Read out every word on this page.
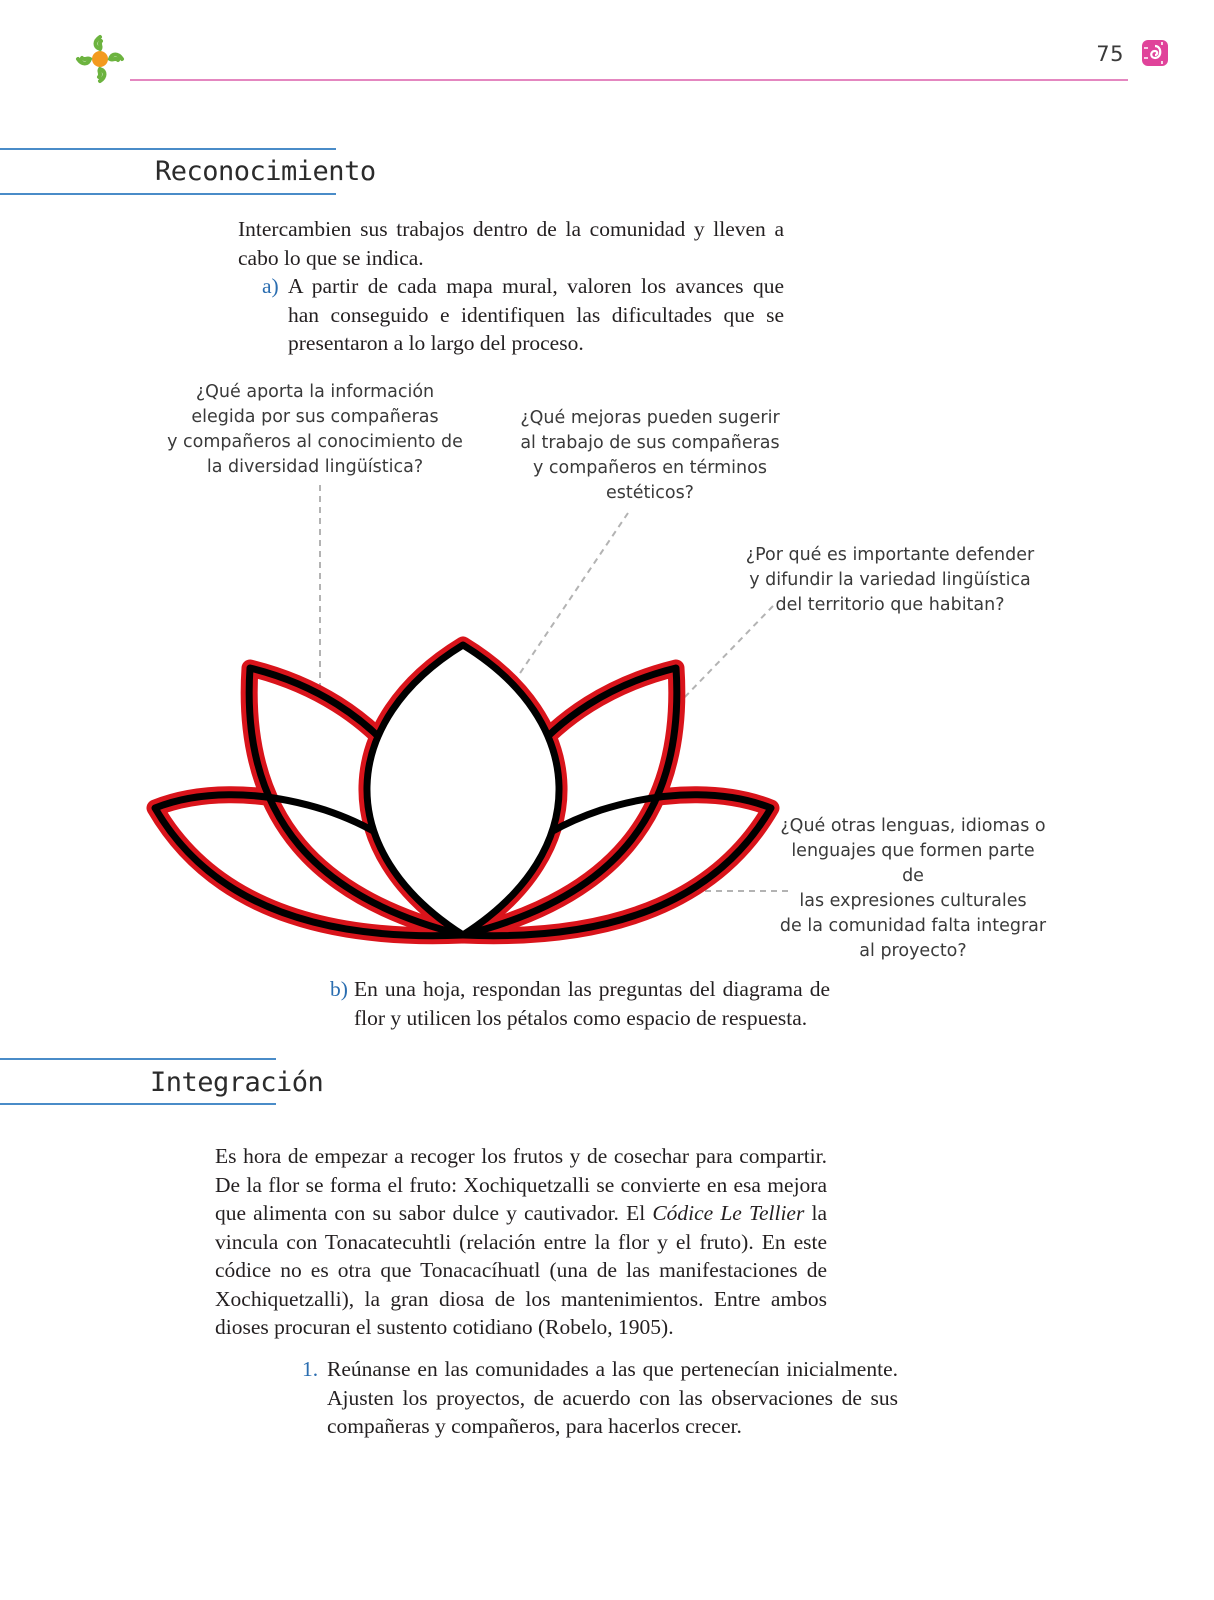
75
Reconocimiento

Intercambien sus trabajos dentro de la comunidad y lleven a cabo lo que se indica.

a) A partir de cada mapa mural, valoren los avances que han conseguido e identifiquen las dificultades que se presentaron a lo largo del proceso.

¿Qué aporta la información
elegida por sus compañeras
y compañeros al conocimiento de
la diversidad lingüística?
¿Qué mejoras pueden sugerir
al trabajo de sus compañeras
y compañeros en términos
estéticos?
¿Por qué es importante defender
y difundir la variedad lingüística
del territorio que habitan?
¿Qué otras lenguas, idiomas o
lenguajes que formen parte de
las expresiones culturales
de la comunidad falta integrar
al proyecto?
b) En una hoja, respondan las preguntas del diagrama de flor y utilicen los pétalos como espacio de respuesta.

Integración

Es hora de empezar a recoger los frutos y de cosechar para compartir. De la flor se forma el fruto: Xochiquetzalli se convierte en esa mejora que alimenta con su sabor dulce y cautivador. El Códice Le Tellier la vincula con Tonacatecuhtli (relación entre la flor y el fruto). En este códice no es otra que Tonacacíhuatl (una de las manifestaciones de Xochiquetzalli), la gran diosa de los mantenimientos. Entre ambos dioses procuran el sustento cotidiano (Robelo, 1905).

1. Reúnanse en las comunidades a las que pertenecían inicialmente. Ajusten los proyectos, de acuerdo con las observaciones de sus compañeras y compañeros, para hacerlos crecer.
